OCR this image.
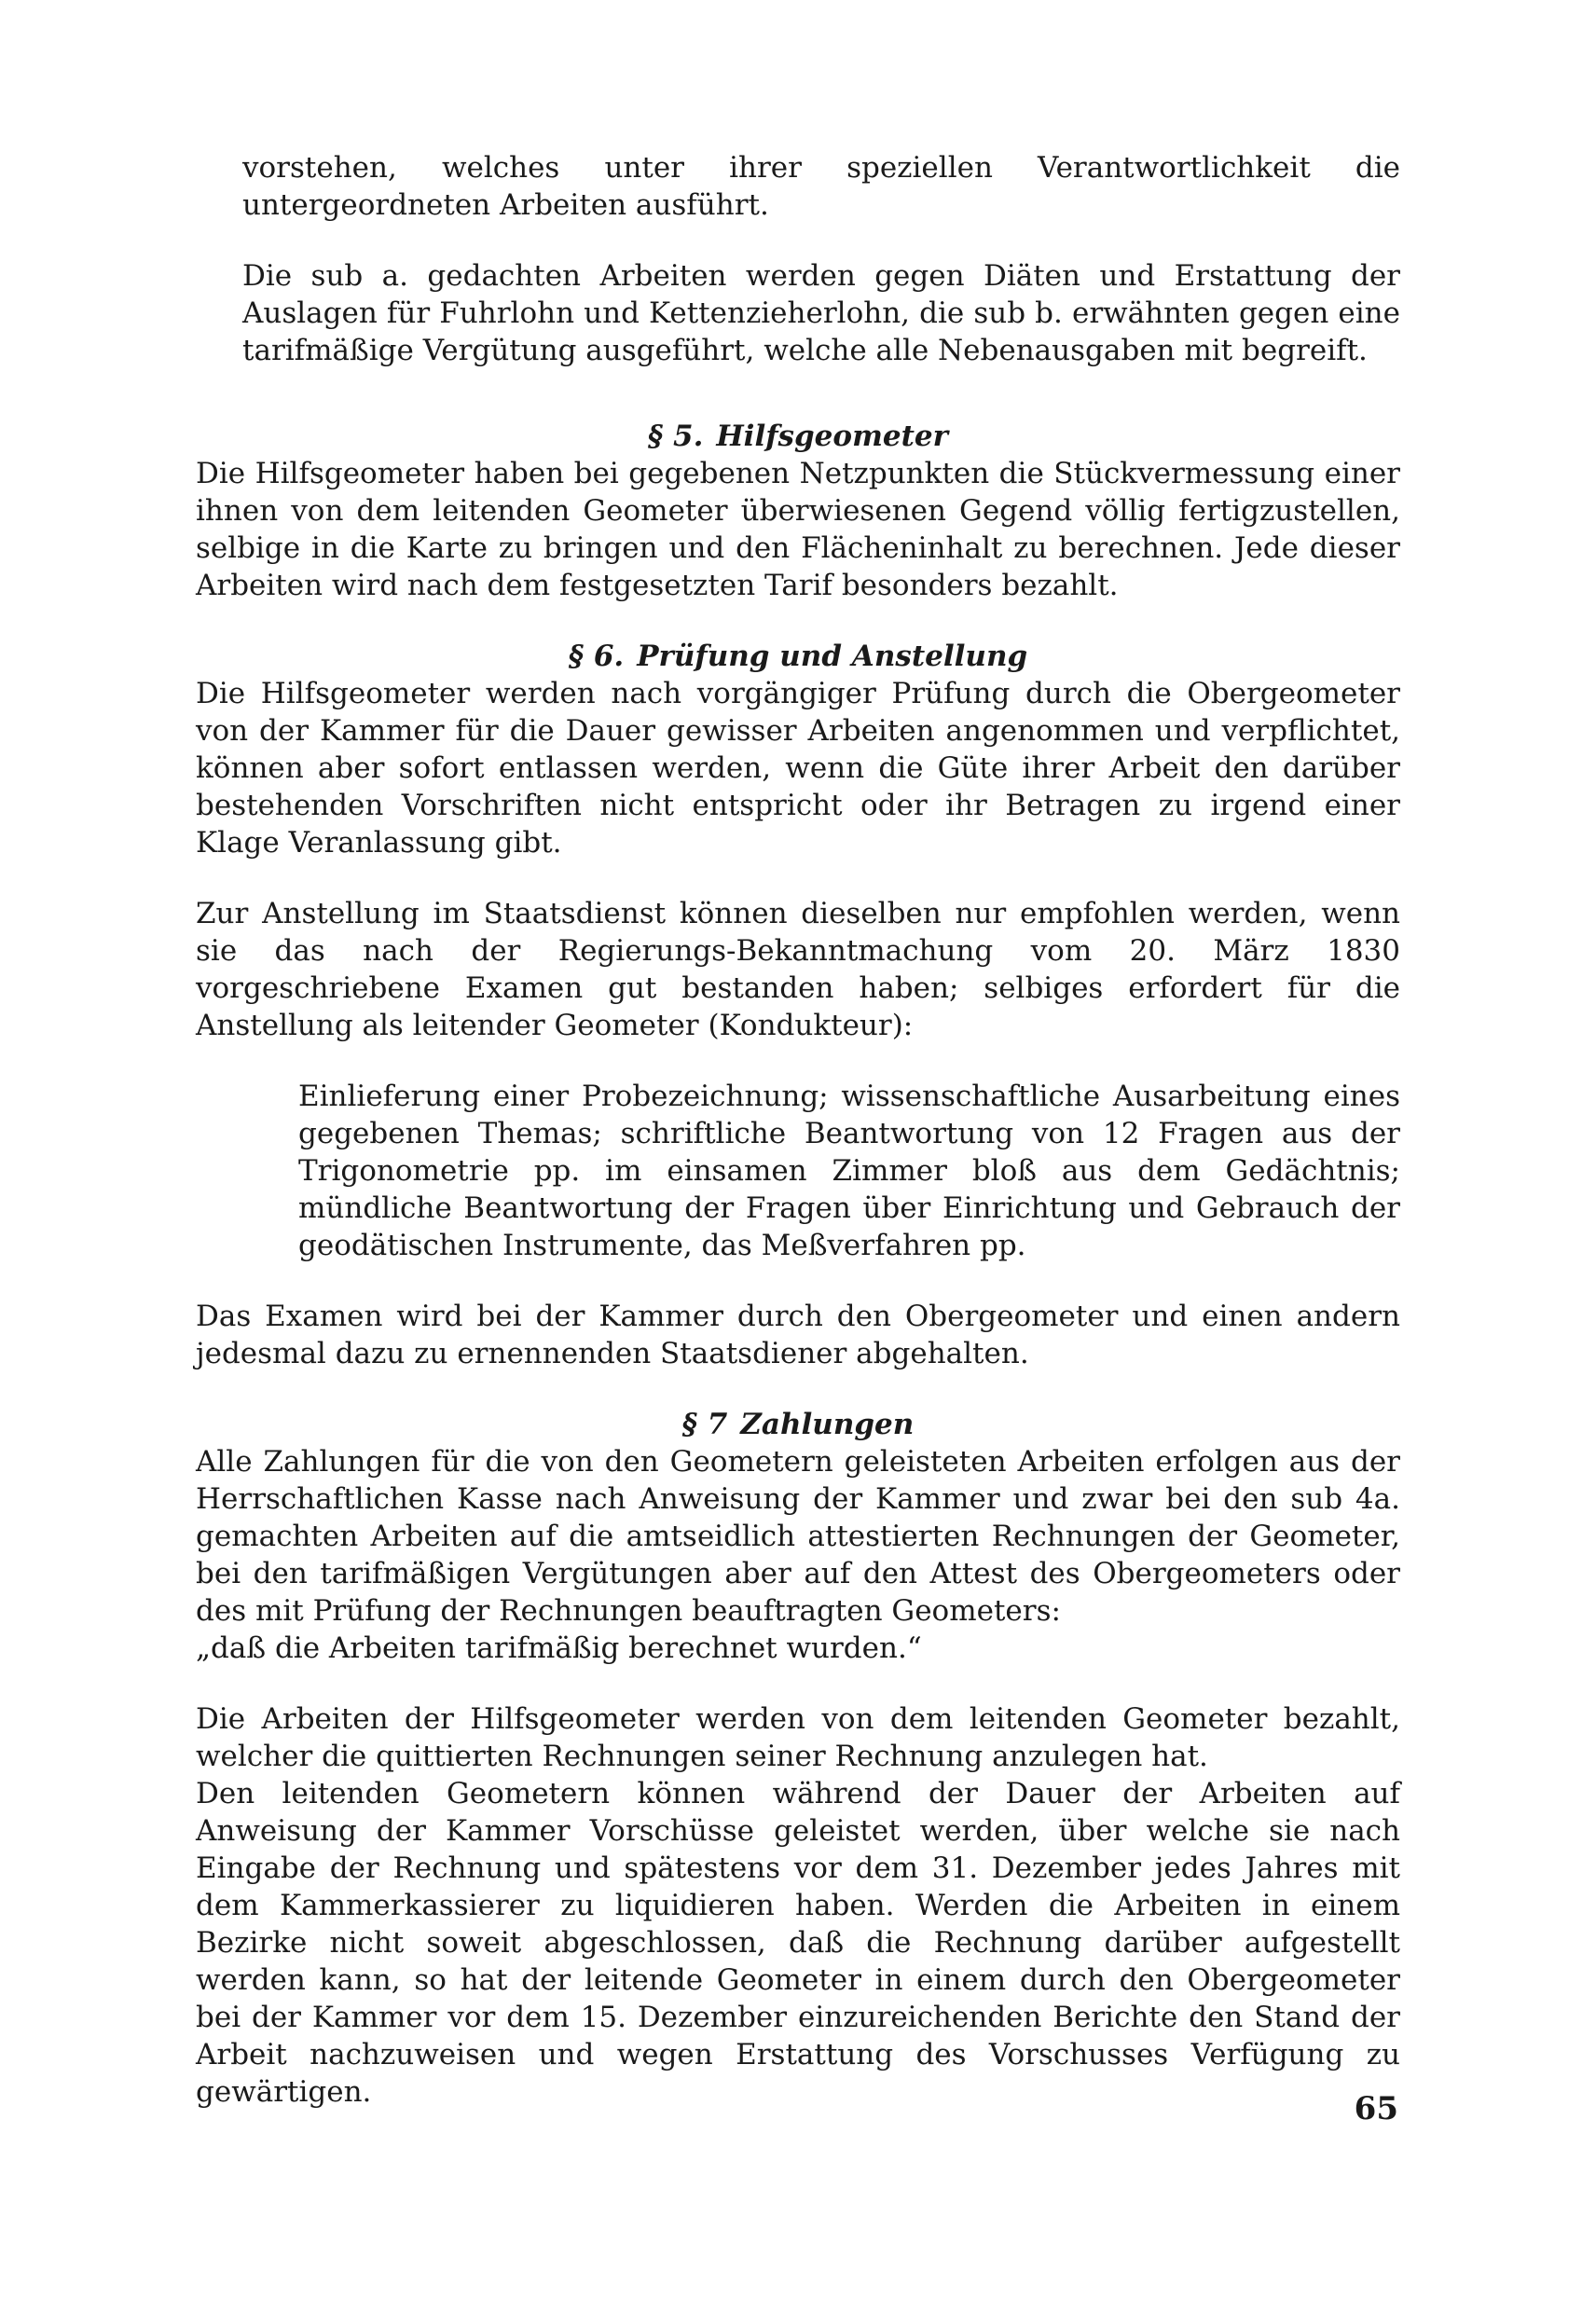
vorstehen, welches unter ihrer speziellen Verantwortlichkeit die untergeordneten Arbeiten ausführt.

Die sub a. gedachten Arbeiten werden gegen Diäten und Erstattung der Auslagen für Fuhrlohn und Kettenzieherlohn, die sub b. erwähnten gegen eine tarifmäßige Vergütung ausgeführt, welche alle Nebenausgaben mit begreift.

§ 5. Hilfsgeometer

Die Hilfsgeometer haben bei gegebenen Netzpunkten die Stückvermessung einer ihnen von dem leitenden Geometer überwiesenen Gegend völlig fertigzustellen, selbige in die Karte zu bringen und den Flächeninhalt zu berechnen. Jede dieser Arbeiten wird nach dem festgesetzten Tarif besonders bezahlt.

§ 6. Prüfung und Anstellung

Die Hilfsgeometer werden nach vorgängiger Prüfung durch die Obergeometer von der Kammer für die Dauer gewisser Arbeiten angenommen und verpflichtet, können aber sofort entlassen werden, wenn die Güte ihrer Arbeit den darüber bestehenden Vorschriften nicht entspricht oder ihr Betragen zu irgend einer Klage Veranlassung gibt.

Zur Anstellung im Staatsdienst können dieselben nur empfohlen werden, wenn sie das nach der Regierungs-Bekanntmachung vom 20. März 1830 vorgeschriebene Examen gut bestanden haben; selbiges erfordert für die Anstellung als leitender Geometer (Kondukteur):

Einlieferung einer Probezeichnung; wissenschaftliche Ausarbeitung eines gegebenen Themas; schriftliche Beantwortung von 12 Fragen aus der Trigonometrie pp. im einsamen Zimmer bloß aus dem Gedächtnis; mündliche Beantwortung der Fragen über Einrichtung und Gebrauch der geodätischen Instrumente, das Meßverfahren pp.

Das Examen wird bei der Kammer durch den Obergeometer und einen andern jedesmal dazu zu ernennenden Staatsdiener abgehalten.

§ 7 Zahlungen

Alle Zahlungen für die von den Geometern geleisteten Arbeiten erfolgen aus der Herrschaftlichen Kasse nach Anweisung der Kammer und zwar bei den sub 4a. gemachten Arbeiten auf die amtseidlich attestierten Rechnungen der Geometer, bei den tarifmäßigen Vergütungen aber auf den Attest des Obergeometers oder des mit Prüfung der Rechnungen beauftragten Geometers:

„daß die Arbeiten tarifmäßig berechnet wurden.“

Die Arbeiten der Hilfsgeometer werden von dem leitenden Geometer bezahlt, welcher die quittierten Rechnungen seiner Rechnung anzulegen hat.

Den leitenden Geometern können während der Dauer der Arbeiten auf Anweisung der Kammer Vorschüsse geleistet werden, über welche sie nach Eingabe der Rechnung und spätestens vor dem 31. Dezember jedes Jahres mit dem Kammerkassierer zu liquidieren haben. Werden die Arbeiten in einem Bezirke nicht soweit abgeschlossen, daß die Rechnung darüber aufgestellt werden kann, so hat der leitende Geometer in einem durch den Obergeometer bei der Kammer vor dem 15. Dezember einzureichenden Berichte den Stand der Arbeit nachzuweisen und wegen Erstattung des Vorschusses Verfügung zu gewärtigen.	65
